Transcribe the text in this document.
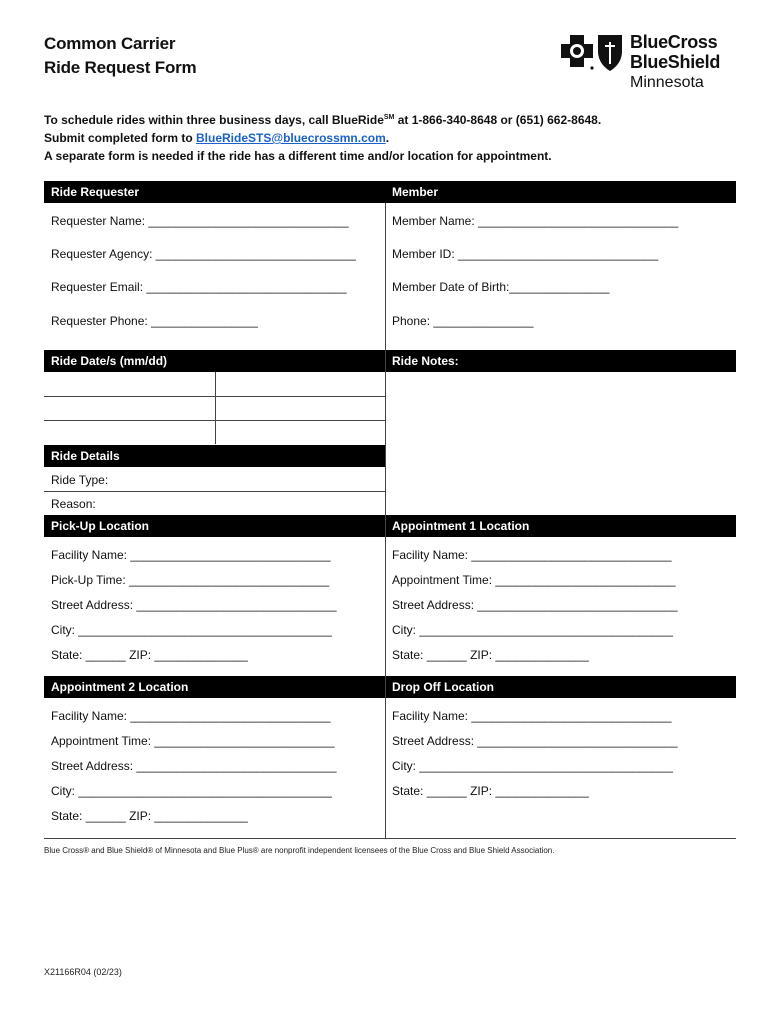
Common Carrier
Ride Request Form
BlueCross
BlueShield
Minnesota
To schedule rides within three business days, call BlueRide℠ at 1-866-340-8648 or (651) 662-8648.
Submit completed form to BlueRideSTS@bluecrossmn.com.
A separate form is needed if the ride has a different time and/or location for appointment.
Ride Requester	Member
Requester Name: ______________________________
Requester Agency: ______________________________
Requester Email: ______________________________
Requester Phone: ________________
Member Name: ______________________________
Member ID: ______________________________
Member Date of Birth:_______________
Phone: _______________
Ride Date/s (mm/dd)	Ride Notes:
Ride Details
Ride Type:
Reason:
Pick-Up Location	Appointment 1 Location
Facility Name: ______________________________
Pick-Up Time: ______________________________
Street Address: ______________________________
City: ______________________________________
State: ______ ZIP: ______________
Facility Name: ______________________________
Appointment Time: ___________________________
Street Address: ______________________________
City: ______________________________________
State: ______ ZIP: ______________
Appointment 2 Location	Drop Off Location
Facility Name: ______________________________
Appointment Time: ___________________________
Street Address: ______________________________
City: ______________________________________
State: ______ ZIP: ______________
Facility Name: ______________________________
Street Address: ______________________________
City: ______________________________________
State: ______ ZIP: ______________
Blue Cross® and Blue Shield® of Minnesota and Blue Plus® are nonprofit independent licensees of the Blue Cross and Blue Shield Association.
X21166R04 (02/23)
